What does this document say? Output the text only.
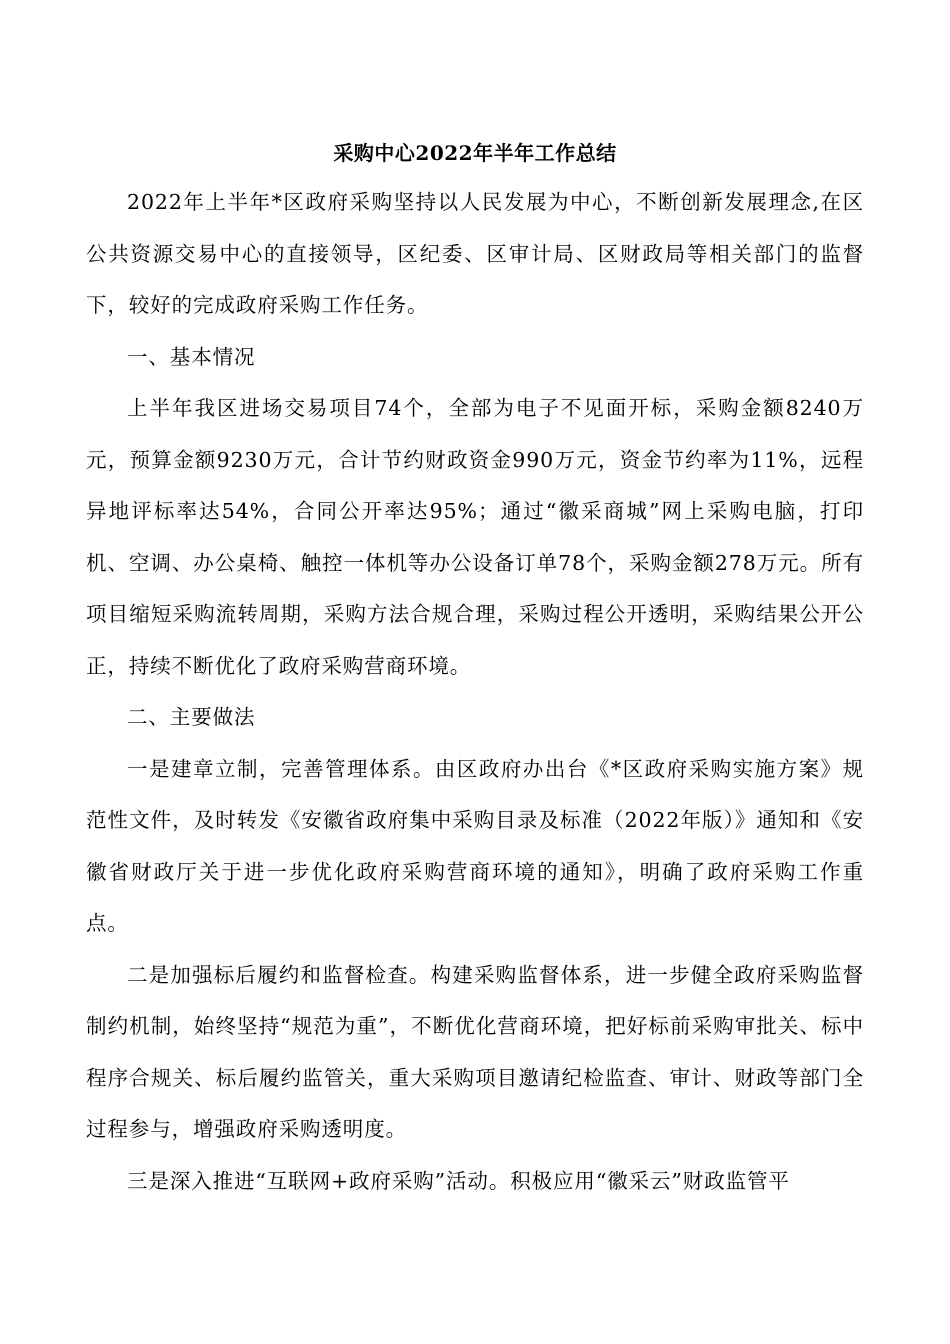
采购中心2022年半年工作总结

2022年上半年*区政府采购坚持以人民发展为中心，不断创新发展理念,在区公共资源交易中心的直接领导，区纪委、区审计局、区财政局等相关部门的监督下，较好的完成政府采购工作任务。

一、基本情况

上半年我区进场交易项目74个，全部为电子不见面开标，采购金额8240万元，预算金额9230万元，合计节约财政资金990万元，资金节约率为11%，远程异地评标率达54%，合同公开率达95%；通过“徽采商城”网上采购电脑，打印机、空调、办公桌椅、触控一体机等办公设备订单78个，采购金额278万元。所有项目缩短采购流转周期，采购方法合规合理，采购过程公开透明，采购结果公开公正，持续不断优化了政府采购营商环境。

二、主要做法

一是建章立制，完善管理体系。由区政府办出台《*区政府采购实施方案》规范性文件，及时转发《安徽省政府集中采购目录及标准（2022年版）》通知和《安徽省财政厅关于进一步优化政府采购营商环境的通知》，明确了政府采购工作重点。

二是加强标后履约和监督检查。构建采购监督体系，进一步健全政府采购监督制约机制，始终坚持“规范为重”，不断优化营商环境，把好标前采购审批关、标中程序合规关、标后履约监管关，重大采购项目邀请纪检监查、审计、财政等部门全过程参与，增强政府采购透明度。

三是深入推进“互联网+政府采购”活动。积极应用“徽采云”财政监管平
